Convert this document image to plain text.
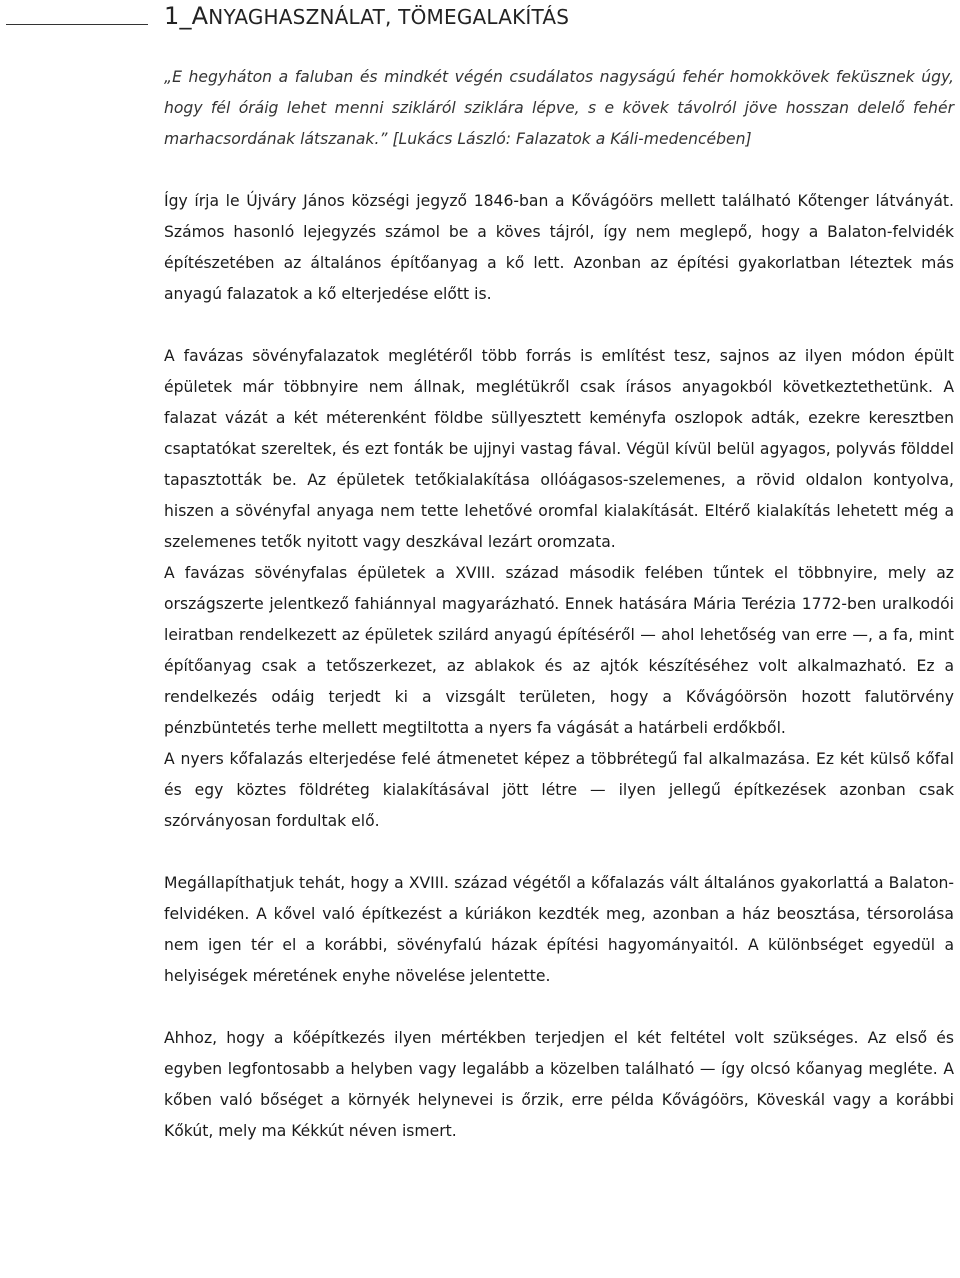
1_ANYAGHASZNÁLAT, TÖMEGALAKÍTÁS

„E hegyháton a faluban és mindkét végén csudálatos nagyságú fehér homokkövek feküsznek úgy, hogy fél óráig lehet menni szikláról sziklára lépve, s e kövek távolról jöve hosszan delelő fehér marhacsordának látszanak.” [Lukács László: Falazatok a Káli-medencében]

Így írja le Újváry János községi jegyző 1846-ban a Kővágóörs mellett található Kőtenger látványát. Számos hasonló lejegyzés számol be a köves tájról, így nem meglepő, hogy a Balaton-felvidék építészetében az általános építőanyag a kő lett. Azonban az építési gyakorlatban léteztek más anyagú falazatok a kő elterjedése előtt is.

A favázas sövényfalazatok meglétéről több forrás is említést tesz, sajnos az ilyen módon épült épületek már többnyire nem állnak, meglétükről csak írásos anyagokból következtethetünk. A falazat vázát a két méterenként földbe süllyesztett keményfa oszlopok adták, ezekre keresztben csaptatókat szereltek, és ezt fonták be ujjnyi vastag fával. Végül kívül belül agyagos, polyvás földdel tapasztották be. Az épületek tetőkialakítása ollóágasos-szelemenes, a rövid oldalon kontyolva, hiszen a sövényfal anyaga nem tette lehetővé oromfal kialakítását. Eltérő kialakítás lehetett még a szelemenes tetők nyitott vagy deszkával lezárt oromzata.

A favázas sövényfalas épületek a XVIII. század második felében tűntek el többnyire, mely az országszerte jelentkező fahiánnyal magyarázható. Ennek hatására Mária Terézia 1772-ben uralkodói leiratban rendelkezett az épületek szilárd anyagú építéséről — ahol lehetőség van erre —, a fa, mint építőanyag csak a tetőszerkezet, az ablakok és az ajtók készítéséhez volt alkalmazható. Ez a rendelkezés odáig terjedt ki a vizsgált területen, hogy a Kővágóörsön hozott falutörvény pénzbüntetés terhe mellett megtiltotta a nyers fa vágását a határbeli erdőkből.

A nyers kőfalazás elterjedése felé átmenetet képez a többrétegű fal alkalmazása. Ez két külső kőfal és egy köztes földréteg kialakításával jött létre — ilyen jellegű építkezések azonban csak szórványosan fordultak elő.

Megállapíthatjuk tehát, hogy a XVIII. század végétől a kőfalazás vált általános gyakorlattá a Balaton-felvidéken. A kővel való építkezést a kúriákon kezdték meg, azonban a ház beosztása, térsorolása nem igen tér el a korábbi, sövényfalú házak építési hagyományaitól. A különbséget egyedül a helyiségek méretének enyhe növelése jelentette.

Ahhoz, hogy a kőépítkezés ilyen mértékben terjedjen el két feltétel volt szükséges. Az első és egyben legfontosabb a helyben vagy legalább a közelben található — így olcsó kőanyag megléte. A kőben való bőséget a környék helynevei is őrzik, erre példa Kővágóörs, Köveskál vagy a korábbi Kőkút, mely ma Kékkút néven ismert.
